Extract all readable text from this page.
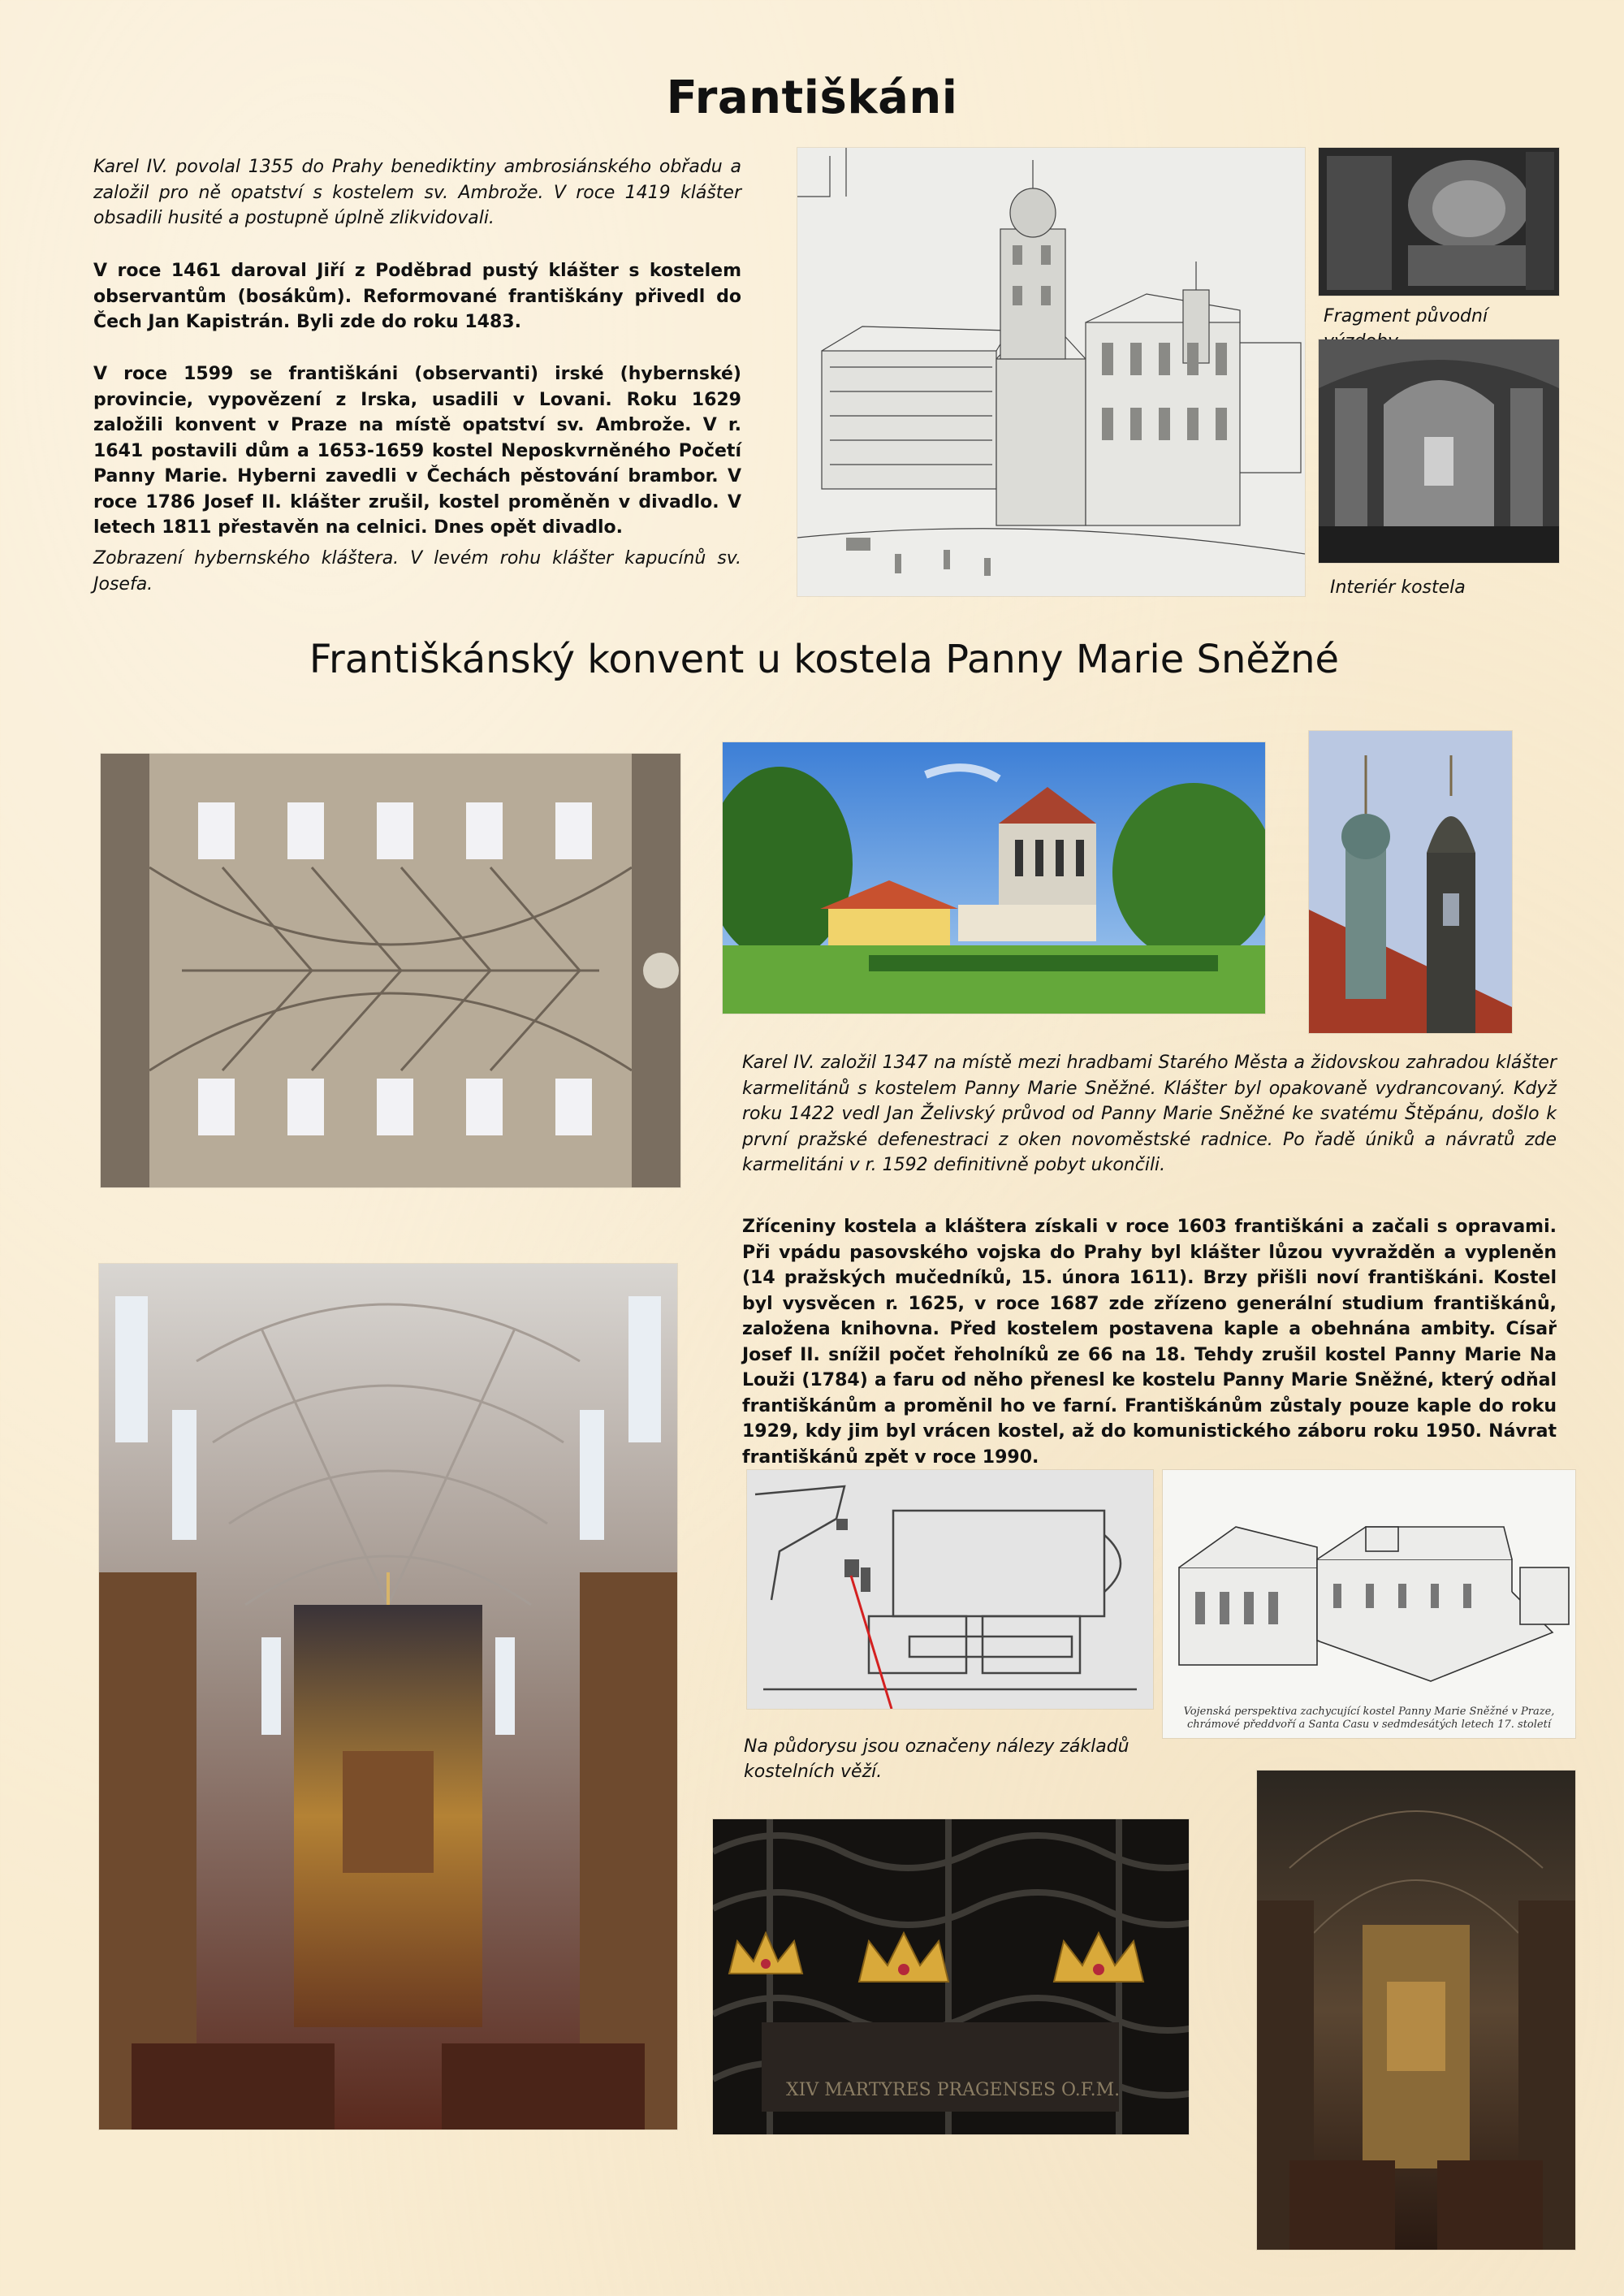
Františkáni
Karel IV. povolal 1355 do Prahy benediktiny ambrosiánského obřadu a založil pro ně opatství s kostelem sv. Ambrože. V roce 1419 klášter obsadili husité a postupně úplně zlikvidovali.
V roce 1461 daroval Jiří z Poděbrad pustý klášter s kostelem observantům (bosákům). Reformované františkány přivedl do Čech Jan Kapistrán. Byli zde do roku 1483.
V roce 1599 se františkáni (observanti) irské (hybernské) provincie, vypovězení z Irska, usadili v Lovani. Roku 1629 založili konvent v Praze na místě opatství sv. Ambrože. V r. 1641 postavili dům a 1653-1659 kostel Neposkvrněného Početí Panny Marie. Hyberni zavedli v Čechách pěstování brambor. V roce 1786 Josef II. klášter zrušil, kostel proměněn v divadlo. V letech 1811 přestavěn na celnici. Dnes opět divadlo.
Zobrazení hybernského kláštera. V levém rohu klášter kapucínů sv. Josefa.
Fragment původní
Interiér kostela
Františkánský konvent u kostela Panny Marie Sněžné
Karel IV. založil 1347 na místě mezi hradbami Starého Města a židovskou zahradou klášter karmelitánů s kostelem Panny Marie Sněžné. Klášter byl opakovaně vydrancovaný. Když roku 1422 vedl Jan Želivský průvod od Panny Marie Sněžné ke svatému Štěpánu, došlo k první pražské defenestraci z oken novoměstské radnice. Po řadě úniků a návratů zde karmelitáni v r. 1592 definitivně pobyt ukončili.
Zříceniny kostela a kláštera získali v roce 1603 františkáni a začali s opravami. Při vpádu pasovského vojska do Prahy byl klášter lůzou vyvražděn a vypleněn (14 pražských mučedníků, 15. února 1611). Brzy přišli noví františkáni. Kostel byl vysvěcen r. 1625, v roce 1687 zde zřízeno generální studium františkánů, založena knihovna. Před kostelem postavena kaple a obehnána ambity. Císař Josef II. snížil počet řeholníků ze 66 na 18. Tehdy zrušil kostel Panny Marie Na Louži (1784) a faru od něho přenesl ke kostelu Panny Marie Sněžné, který odňal františkánům a proměnil ho ve farní. Františkánům zůstaly pouze kaple do roku 1929, kdy jim byl vrácen kostel, až do komunistického záboru roku 1950. Návrat františkánů zpět v roce 1990.
Vojenská perspektiva zachycující kostel Panny Marie Sněžné v Praze, chrámové předdvoří a Santa Casu v sedmdesátých letech 17. století
Na půdorysu jsou označeny nálezy základů kostelních věží.
XIV MARTYRES PRAGENSES O.F.M.
